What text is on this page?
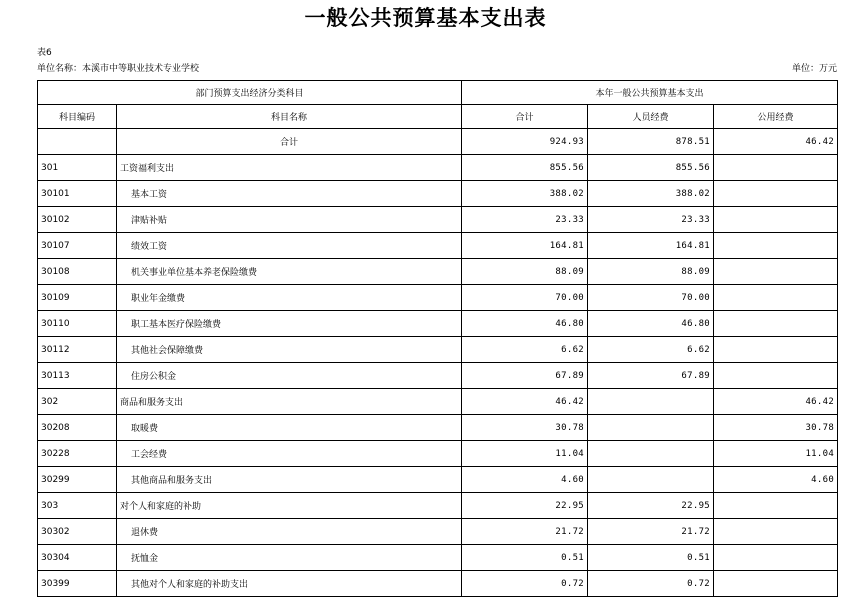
一般公共预算基本支出表
表6
单位名称：本溪市中等职业技术专业学校	单位：万元
部门预算支出经济分类科目		本年一般公共预算基本支出		
科目编码	科目名称	合计	人员经费	公用经费
	合计	924.93	878.51	46.42
301	工资福利支出	855.56	855.56	
30101	基本工资	388.02	388.02	
30102	津贴补贴	23.33	23.33	
30107	绩效工资	164.81	164.81	
30108	机关事业单位基本养老保险缴费	88.09	88.09	
30109	职业年金缴费	70.00	70.00	
30110	职工基本医疗保险缴费	46.80	46.80	
30112	其他社会保障缴费	6.62	6.62	
30113	住房公积金	67.89	67.89	
302	商品和服务支出	46.42		46.42
30208	取暖费	30.78		30.78
30228	工会经费	11.04		11.04
30299	其他商品和服务支出	4.60		4.60
303	对个人和家庭的补助	22.95	22.95	
30302	退休费	21.72	21.72	
30304	抚恤金	0.51	0.51	
30399	其他对个人和家庭的补助支出	0.72	0.72	
